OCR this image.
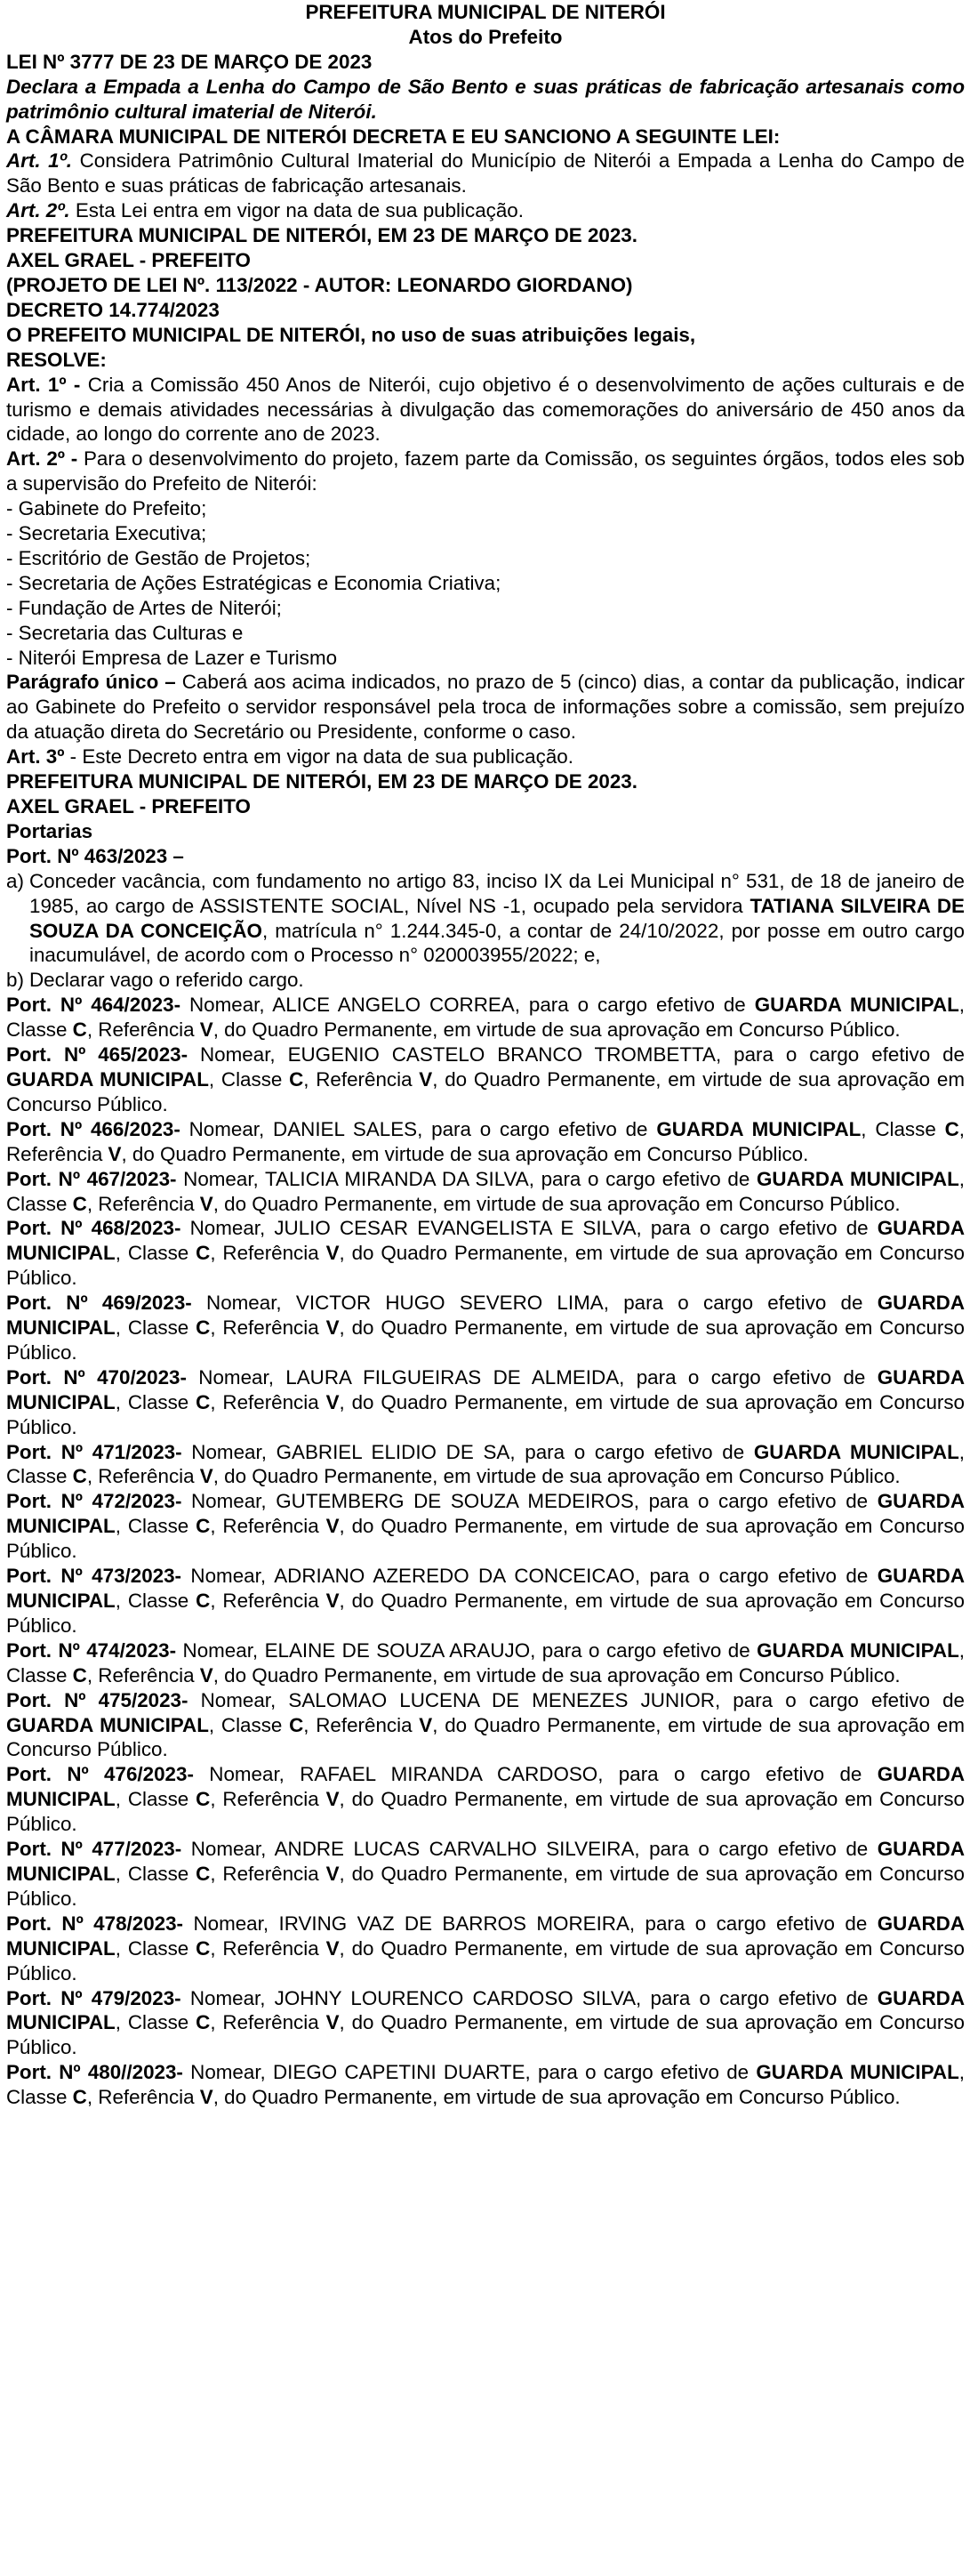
PREFEITURA MUNICIPAL DE NITERÓI

Atos do Prefeito

LEI Nº 3777 DE 23 DE MARÇO DE 2023

Declara a Empada a Lenha do Campo de São Bento e suas práticas de fabricação artesanais como patrimônio cultural imaterial de Niterói.

A CÂMARA MUNICIPAL DE NITERÓI DECRETA E EU SANCIONO A SEGUINTE LEI:

Art. 1º. Considera Patrimônio Cultural Imaterial do Município de Niterói a Empada a Lenha do Campo de São Bento e suas práticas de fabricação artesanais.

Art. 2º. Esta Lei entra em vigor na data de sua publicação.

PREFEITURA MUNICIPAL DE NITERÓI, EM 23 DE MARÇO DE 2023.

AXEL GRAEL - PREFEITO

(PROJETO DE LEI Nº. 113/2022 - AUTOR: LEONARDO GIORDANO)

DECRETO 14.774/2023

O PREFEITO MUNICIPAL DE NITERÓI, no uso de suas atribuições legais,

RESOLVE:

Art. 1º - Cria a Comissão 450 Anos de Niterói, cujo objetivo é o desenvolvimento de ações culturais e de turismo e demais atividades necessárias à divulgação das comemorações do aniversário de 450 anos da cidade, ao longo do corrente ano de 2023.

Art. 2º - Para o desenvolvimento do projeto, fazem parte da Comissão, os seguintes órgãos, todos eles sob a supervisão do Prefeito de Niterói:

- Gabinete do Prefeito;

- Secretaria Executiva;

- Escritório de Gestão de Projetos;

- Secretaria de Ações Estratégicas e Economia Criativa;

- Fundação de Artes de Niterói;

- Secretaria das Culturas e

- Niterói Empresa de Lazer e Turismo

Parágrafo único – Caberá aos acima indicados, no prazo de 5 (cinco) dias, a contar da publicação, indicar ao Gabinete do Prefeito o servidor responsável pela troca de informações sobre a comissão, sem prejuízo da atuação direta do Secretário ou Presidente, conforme o caso.

Art. 3º - Este Decreto entra em vigor na data de sua publicação.

PREFEITURA MUNICIPAL DE NITERÓI, EM 23 DE MARÇO DE 2023.

AXEL GRAEL - PREFEITO

Portarias

Port. Nº 463/2023 –

a) Conceder vacância, com fundamento no artigo 83, inciso IX da Lei Municipal n° 531, de 18 de janeiro de 1985, ao cargo de ASSISTENTE SOCIAL, Nível NS -1, ocupado pela servidora TATIANA SILVEIRA DE SOUZA DA CONCEIÇÃO, matrícula n° 1.244.345-0, a contar de 24/10/2022, por posse em outro cargo inacumulável, de acordo com o Processo n° 020003955/2022; e,
b) Declarar vago o referido cargo.

Port. Nº 464/2023- Nomear, ALICE ANGELO CORREA, para o cargo efetivo de GUARDA MUNICIPAL, Classe C, Referência V, do Quadro Permanente, em virtude de sua aprovação em Concurso Público.

Port. Nº 465/2023- Nomear, EUGENIO CASTELO BRANCO TROMBETTA, para o cargo efetivo de GUARDA MUNICIPAL, Classe C, Referência V, do Quadro Permanente, em virtude de sua aprovação em Concurso Público.

Port. Nº 466/2023- Nomear, DANIEL SALES, para o cargo efetivo de GUARDA MUNICIPAL, Classe C, Referência V, do Quadro Permanente, em virtude de sua aprovação em Concurso Público.

Port. Nº 467/2023- Nomear, TALICIA MIRANDA DA SILVA, para o cargo efetivo de GUARDA MUNICIPAL, Classe C, Referência V, do Quadro Permanente, em virtude de sua aprovação em Concurso Público.

Port. Nº 468/2023- Nomear, JULIO CESAR EVANGELISTA E SILVA, para o cargo efetivo de GUARDA MUNICIPAL, Classe C, Referência V, do Quadro Permanente, em virtude de sua aprovação em Concurso Público.

Port. Nº 469/2023- Nomear, VICTOR HUGO SEVERO LIMA, para o cargo efetivo de GUARDA MUNICIPAL, Classe C, Referência V, do Quadro Permanente, em virtude de sua aprovação em Concurso Público.

Port. Nº 470/2023- Nomear, LAURA FILGUEIRAS DE ALMEIDA, para o cargo efetivo de GUARDA MUNICIPAL, Classe C, Referência V, do Quadro Permanente, em virtude de sua aprovação em Concurso Público.

Port. Nº 471/2023- Nomear, GABRIEL ELIDIO DE SA, para o cargo efetivo de GUARDA MUNICIPAL, Classe C, Referência V, do Quadro Permanente, em virtude de sua aprovação em Concurso Público.

Port. Nº 472/2023- Nomear, GUTEMBERG DE SOUZA MEDEIROS, para o cargo efetivo de GUARDA MUNICIPAL, Classe C, Referência V, do Quadro Permanente, em virtude de sua aprovação em Concurso Público.

Port. Nº 473/2023- Nomear, ADRIANO AZEREDO DA CONCEICAO, para o cargo efetivo de GUARDA MUNICIPAL, Classe C, Referência V, do Quadro Permanente, em virtude de sua aprovação em Concurso Público.

Port. Nº 474/2023- Nomear, ELAINE DE SOUZA ARAUJO, para o cargo efetivo de GUARDA MUNICIPAL, Classe C, Referência V, do Quadro Permanente, em virtude de sua aprovação em Concurso Público.

Port. Nº 475/2023- Nomear, SALOMAO LUCENA DE MENEZES JUNIOR, para o cargo efetivo de GUARDA MUNICIPAL, Classe C, Referência V, do Quadro Permanente, em virtude de sua aprovação em Concurso Público.

Port. Nº 476/2023- Nomear, RAFAEL MIRANDA CARDOSO, para o cargo efetivo de GUARDA MUNICIPAL, Classe C, Referência V, do Quadro Permanente, em virtude de sua aprovação em Concurso Público.

Port. Nº 477/2023- Nomear, ANDRE LUCAS CARVALHO SILVEIRA, para o cargo efetivo de GUARDA MUNICIPAL, Classe C, Referência V, do Quadro Permanente, em virtude de sua aprovação em Concurso Público.

Port. Nº 478/2023- Nomear, IRVING VAZ DE BARROS MOREIRA, para o cargo efetivo de GUARDA MUNICIPAL, Classe C, Referência V, do Quadro Permanente, em virtude de sua aprovação em Concurso Público.

Port. Nº 479/2023- Nomear, JOHNY LOURENCO CARDOSO SILVA, para o cargo efetivo de GUARDA MUNICIPAL, Classe C, Referência V, do Quadro Permanente, em virtude de sua aprovação em Concurso Público.

Port. Nº 480//2023- Nomear, DIEGO CAPETINI DUARTE, para o cargo efetivo de GUARDA MUNICIPAL, Classe C, Referência V, do Quadro Permanente, em virtude de sua aprovação em Concurso Público.
